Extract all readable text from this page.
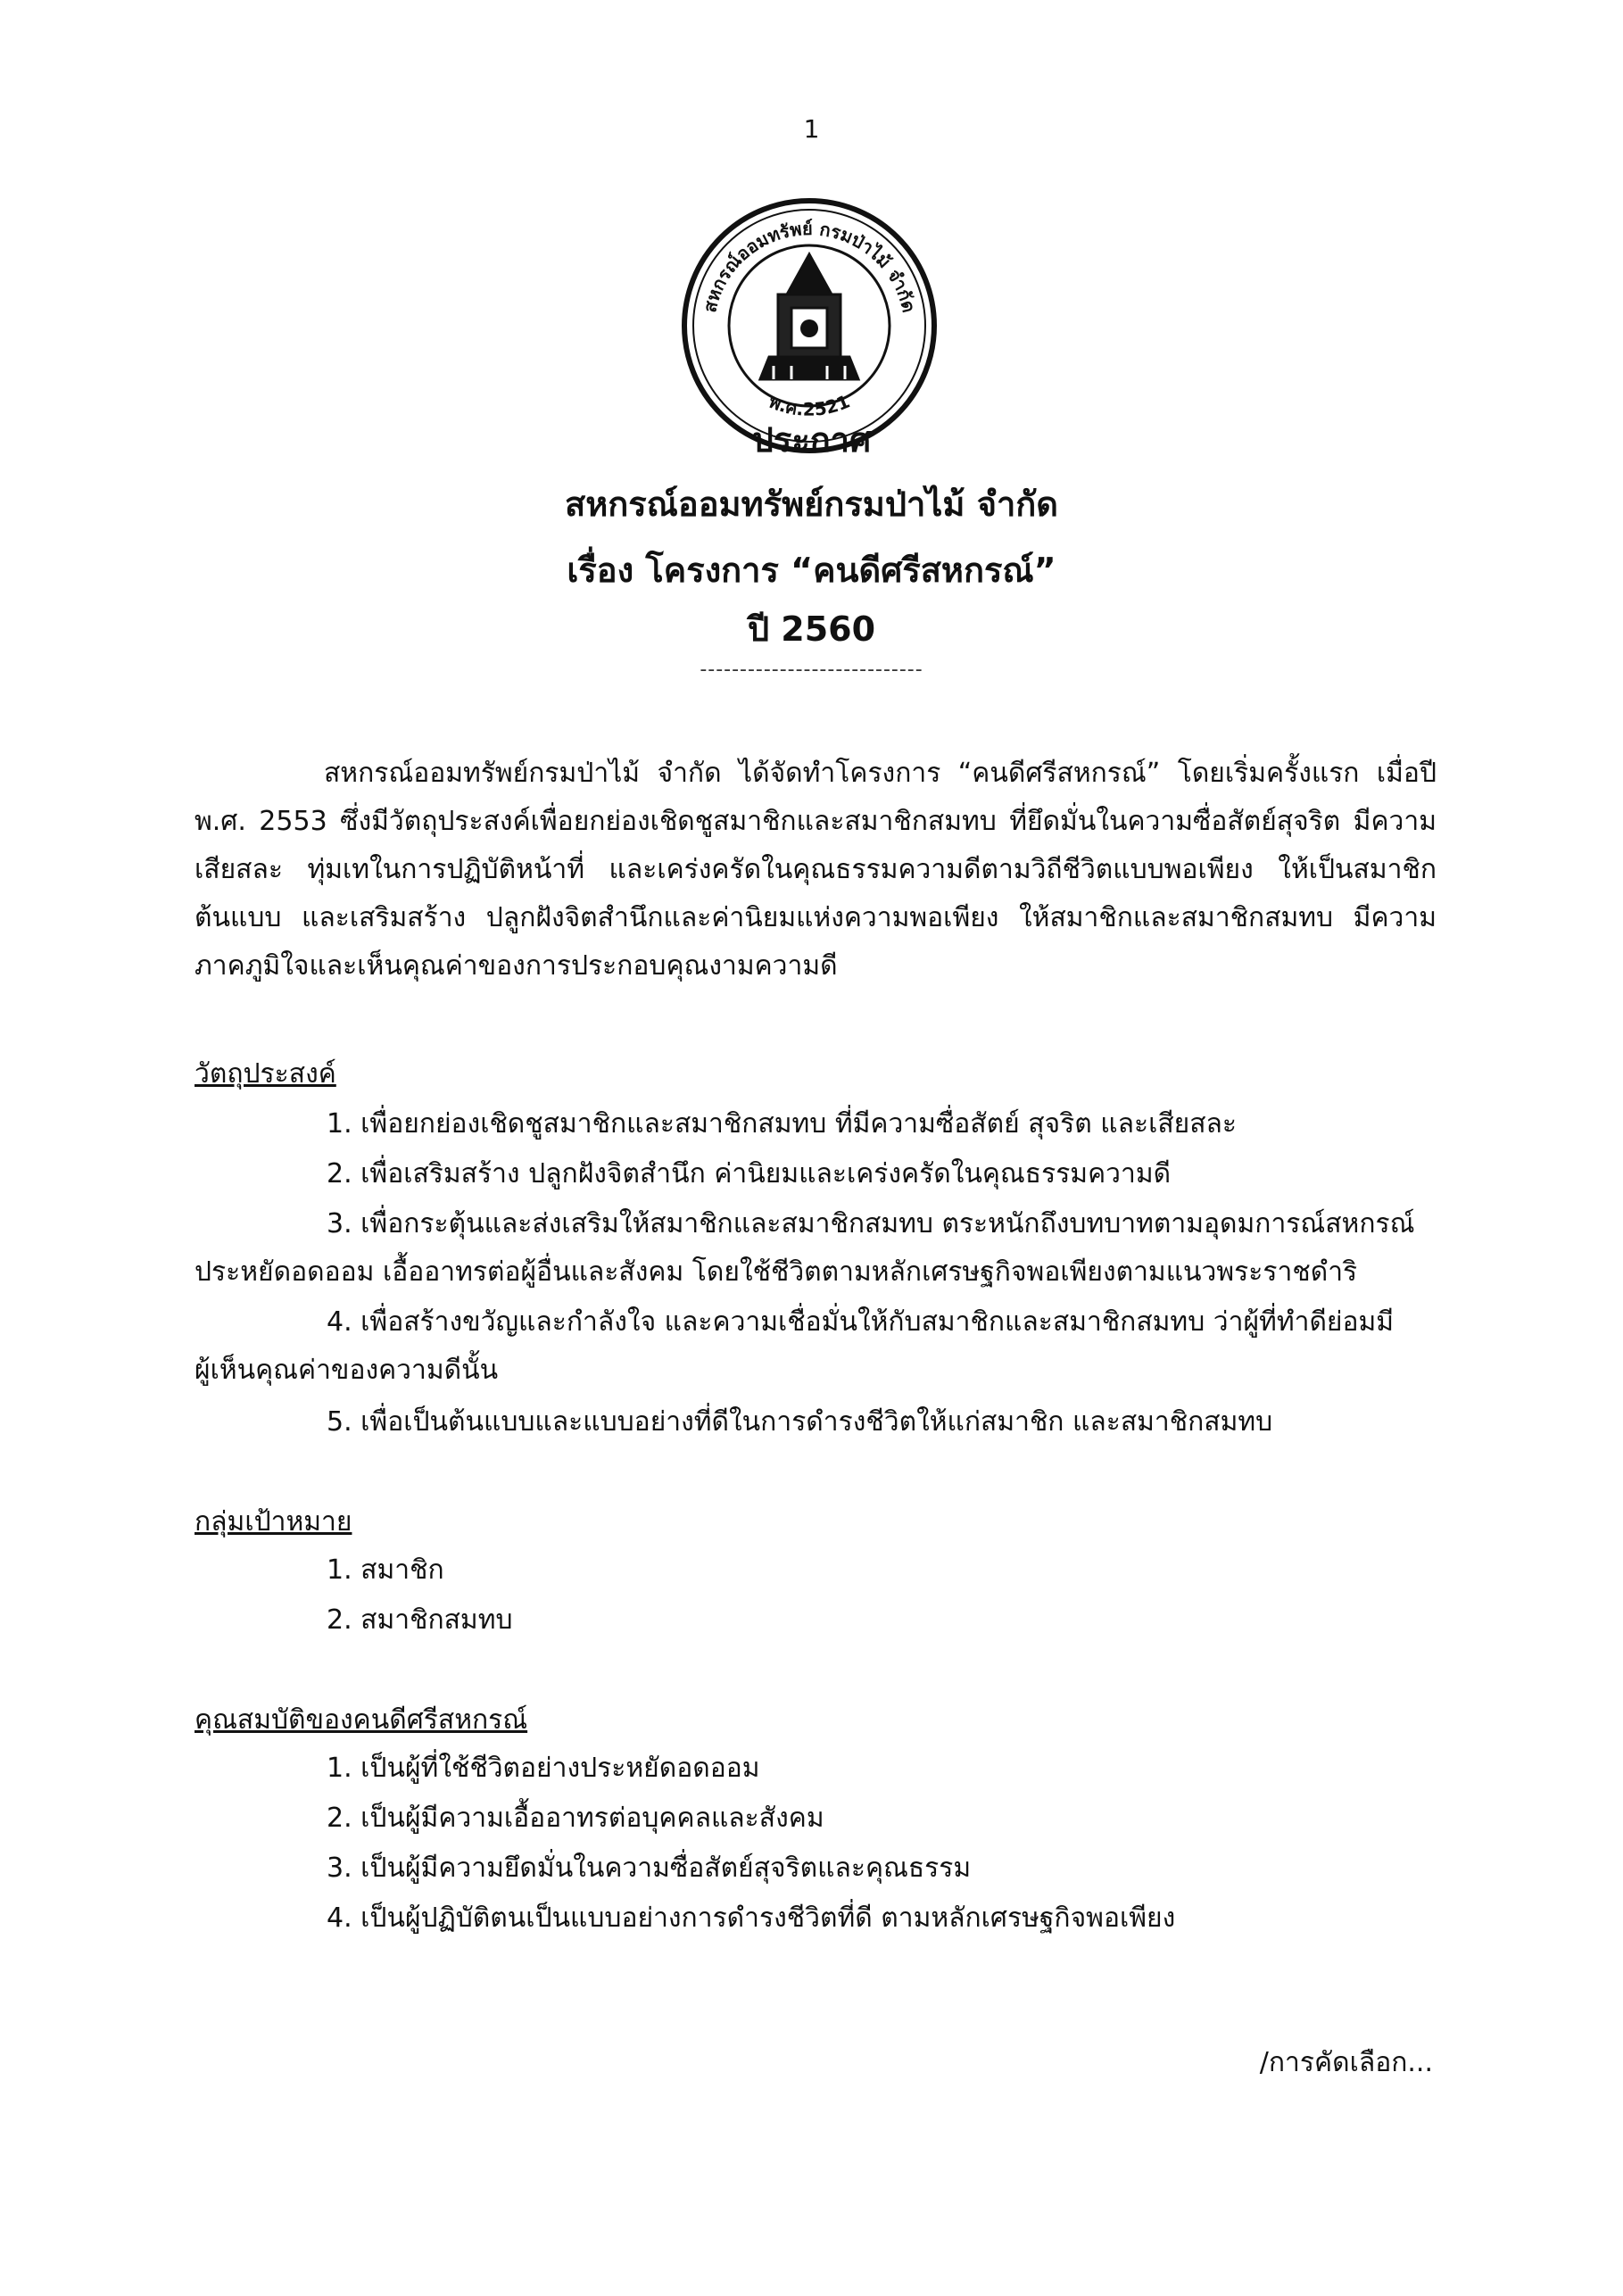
1
สหกรณ์ออมทรัพย์ กรมป่าไม้ จำกัด
พ.ศ.2521
ประกาศ
สหกรณ์ออมทรัพย์กรมป่าไม้ จำกัด
เรื่อง โครงการ “คนดีศรีสหกรณ์”
ปี 2560
----------------------------
สหกรณ์ออมทรัพย์กรมป่าไม้ จำกัด ได้จัดทำโครงการ “คนดีศรีสหกรณ์” โดยเริ่มครั้งแรก เมื่อปี พ.ศ. 2553 ซึ่งมีวัตถุประสงค์เพื่อยกย่องเชิดชูสมาชิกและสมาชิกสมทบ ที่ยึดมั่นในความซื่อสัตย์สุจริต มีความเสียสละ ทุ่มเทในการปฏิบัติหน้าที่ และเคร่งครัดในคุณธรรมความดีตามวิถีชีวิตแบบพอเพียง ให้เป็นสมาชิกต้นแบบ และเสริมสร้าง ปลูกฝังจิตสำนึกและค่านิยมแห่งความพอเพียง ให้สมาชิกและสมาชิกสมทบ มีความภาคภูมิใจและเห็นคุณค่าของการประกอบคุณงามความดี
วัตถุประสงค์
1. เพื่อยกย่องเชิดชูสมาชิกและสมาชิกสมทบ ที่มีความซื่อสัตย์ สุจริต และเสียสละ
2. เพื่อเสริมสร้าง ปลูกฝังจิตสำนึก ค่านิยมและเคร่งครัดในคุณธรรมความดี
3. เพื่อกระตุ้นและส่งเสริมให้สมาชิกและสมาชิกสมทบ ตระหนักถึงบทบาทตามอุดมการณ์สหกรณ์
ประหยัดอดออม เอื้ออาทรต่อผู้อื่นและสังคม โดยใช้ชีวิตตามหลักเศรษฐกิจพอเพียงตามแนวพระราชดำริ
4. เพื่อสร้างขวัญและกำลังใจ และความเชื่อมั่นให้กับสมาชิกและสมาชิกสมทบ ว่าผู้ที่ทำดีย่อมมี
ผู้เห็นคุณค่าของความดีนั้น
5. เพื่อเป็นต้นแบบและแบบอย่างที่ดีในการดำรงชีวิตให้แก่สมาชิก และสมาชิกสมทบ
กลุ่มเป้าหมาย
1. สมาชิก
2. สมาชิกสมทบ
คุณสมบัติของคนดีศรีสหกรณ์
1. เป็นผู้ที่ใช้ชีวิตอย่างประหยัดอดออม
2. เป็นผู้มีความเอื้ออาทรต่อบุคคลและสังคม
3. เป็นผู้มีความยึดมั่นในความซื่อสัตย์สุจริตและคุณธรรม
4. เป็นผู้ปฏิบัติตนเป็นแบบอย่างการดำรงชีวิตที่ดี ตามหลักเศรษฐกิจพอเพียง
/การคัดเลือก...
